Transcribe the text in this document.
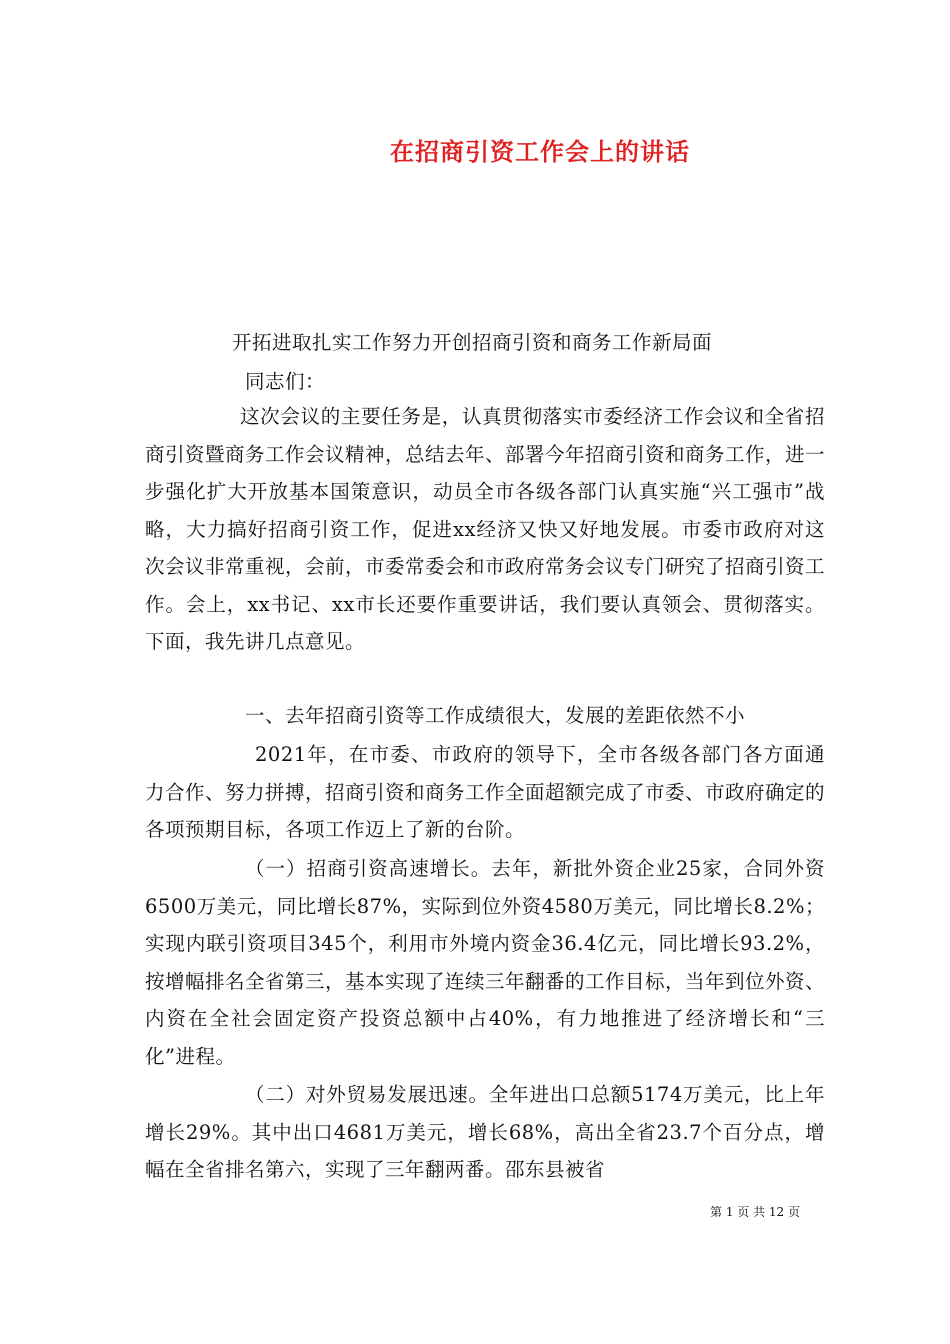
在招商引资工作会上的讲话
开拓进取扎实工作努力开创招商引资和商务工作新局面
同志们：
这次会议的主要任务是，认真贯彻落实市委经济工作会议和全省招商引资暨商务工作会议精神，总结去年、部署今年招商引资和商务工作，进一步强化扩大开放基本国策意识，动员全市各级各部门认真实施“兴工强市”战略，大力搞好招商引资工作，促进xx经济又快又好地发展。市委市政府对这次会议非常重视，会前，市委常委会和市政府常务会议专门研究了招商引资工作。会上，xx书记、xx市长还要作重要讲话，我们要认真领会、贯彻落实。下面，我先讲几点意见。
一、去年招商引资等工作成绩很大，发展的差距依然不小
2021年，在市委、市政府的领导下，全市各级各部门各方面通力合作、努力拼搏，招商引资和商务工作全面超额完成了市委、市政府确定的各项预期目标，各项工作迈上了新的台阶。
（一）招商引资高速增长。去年，新批外资企业25家，合同外资6500万美元，同比增长87%，实际到位外资4580万美元，同比增长8.2%；实现内联引资项目345个，利用市外境内资金36.4亿元，同比增长93.2%，按增幅排名全省第三，基本实现了连续三年翻番的工作目标，当年到位外资、内资在全社会固定资产投资总额中占40%，有力地推进了经济增长和“三化”进程。
（二）对外贸易发展迅速。全年进出口总额5174万美元，比上年增长29%。其中出口4681万美元，增长68%，高出全省23.7个百分点，增幅在全省排名第六，实现了三年翻两番。邵东县被省
第 1 页 共 12 页
